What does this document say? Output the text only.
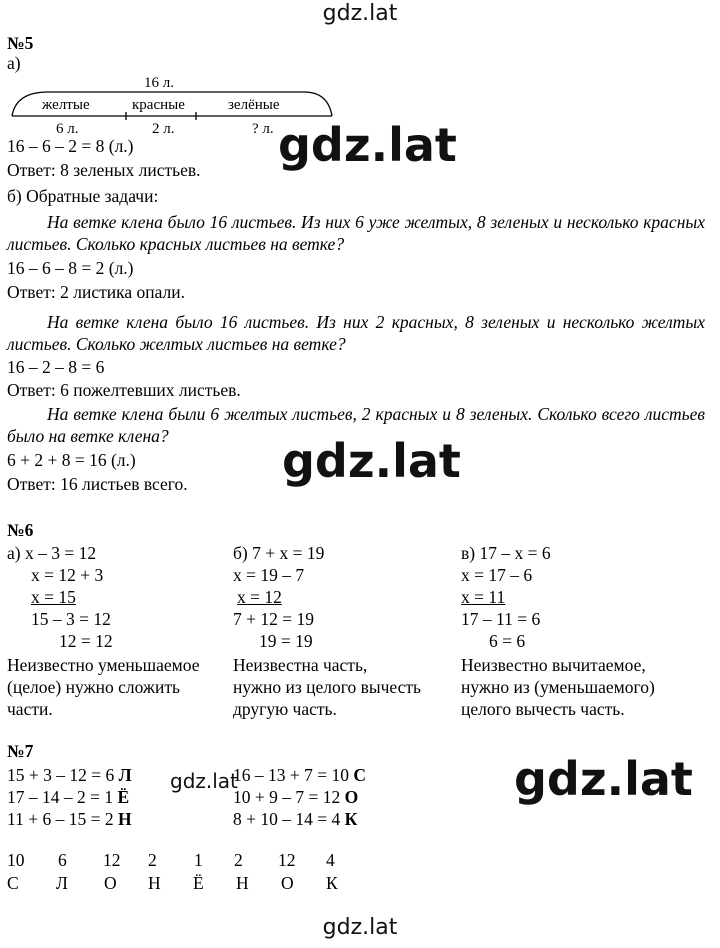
gdz.lat
gdz.lat
gdz.lat
gdz.lat	gdz.lat
gdz.lat
№5
а)
16 л.
желтые	красные	зелёные
6 л.	2 л.	? л.
16 – 6 – 2 = 8 (л.)
Ответ: 8 зеленых листьев.
б) Обратные задачи:
На ветке клена было 16 листьев. Из них 6 уже желтых, 8 зеленых и несколько красных листьев. Сколько красных листьев на ветке?
16 – 6 – 8 = 2 (л.)
Ответ: 2 листика опали.
На ветке клена было 16 листьев. Из них 2 красных, 8 зеленых и несколько желтых листьев. Сколько желтых листьев на ветке?
16 – 2 – 8 = 6
Ответ: 6 пожелтевших листьев.
На ветке клена были 6 желтых листьев, 2 красных и 8 зеленых. Сколько всего листьев было на ветке клена?
6 + 2 + 8 = 16 (л.)
Ответ: 16 листьев всего.
№6
а) x – 3 = 12
x = 12 + 3
x = 15
15 – 3 = 12
12 = 12
Неизвестно уменьшаемое
(целое) нужно сложить
части.
б) 7 + x = 19
x = 19 – 7
x = 12
7 + 12 = 19
19 = 19
Неизвестна часть,
нужно из целого вычесть
другую часть.
в) 17 – x = 6
x = 17 – 6
x = 11
17 – 11 = 6
6 = 6
Неизвестно вычитаемое,
нужно из (уменьшаемого)
целого вычесть часть.
№7
15 + 3 – 12 = 6 Л
17 – 14 – 2 = 1 Ё
11 + 6 – 15 = 2 Н
16 – 13 + 7 = 10 С
10 + 9 – 7 = 12 О
8 + 10 – 14 = 4 К
10 6 12 2 1 2 12 4
С Л О Н Ё Н О К
